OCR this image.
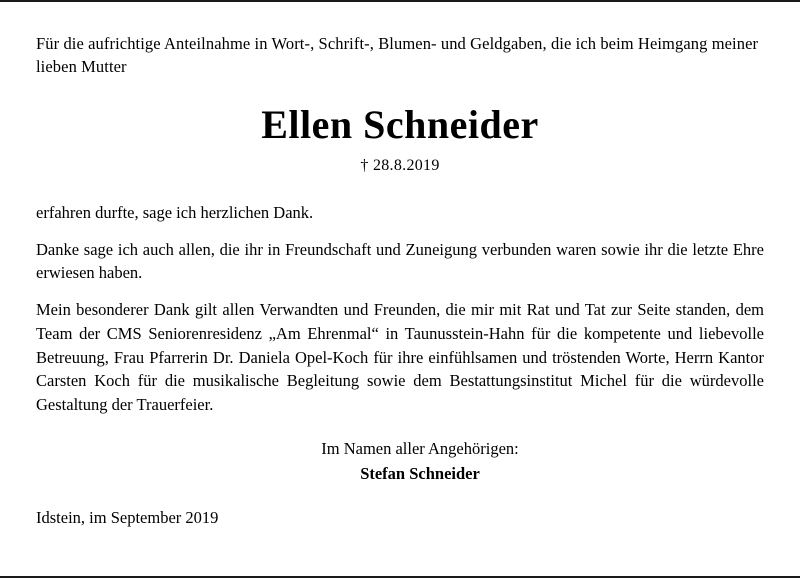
Für die aufrichtige Anteilnahme in Wort-, Schrift-, Blumen- und Geldgaben, die ich beim Heimgang meiner lieben Mutter

Ellen Schneider
† 28.8.2019

erfahren durfte, sage ich herzlichen Dank.

Danke sage ich auch allen, die ihr in Freundschaft und Zuneigung verbunden waren sowie ihr die letzte Ehre erwiesen haben.

Mein besonderer Dank gilt allen Verwandten und Freunden, die mir mit Rat und Tat zur Seite standen, dem Team der CMS Seniorenresidenz „Am Ehrenmal“ in Taunusstein-Hahn für die kompetente und liebevolle Betreuung, Frau Pfarrerin Dr. Daniela Opel-Koch für ihre einfühlsamen und tröstenden Worte, Herrn Kantor Carsten Koch für die musikalische Begleitung sowie dem Bestattungsinstitut Michel für die würdevolle Gestaltung der Trauerfeier.

Im Namen aller Angehörigen:
Stefan Schneider
Idstein, im September 2019
